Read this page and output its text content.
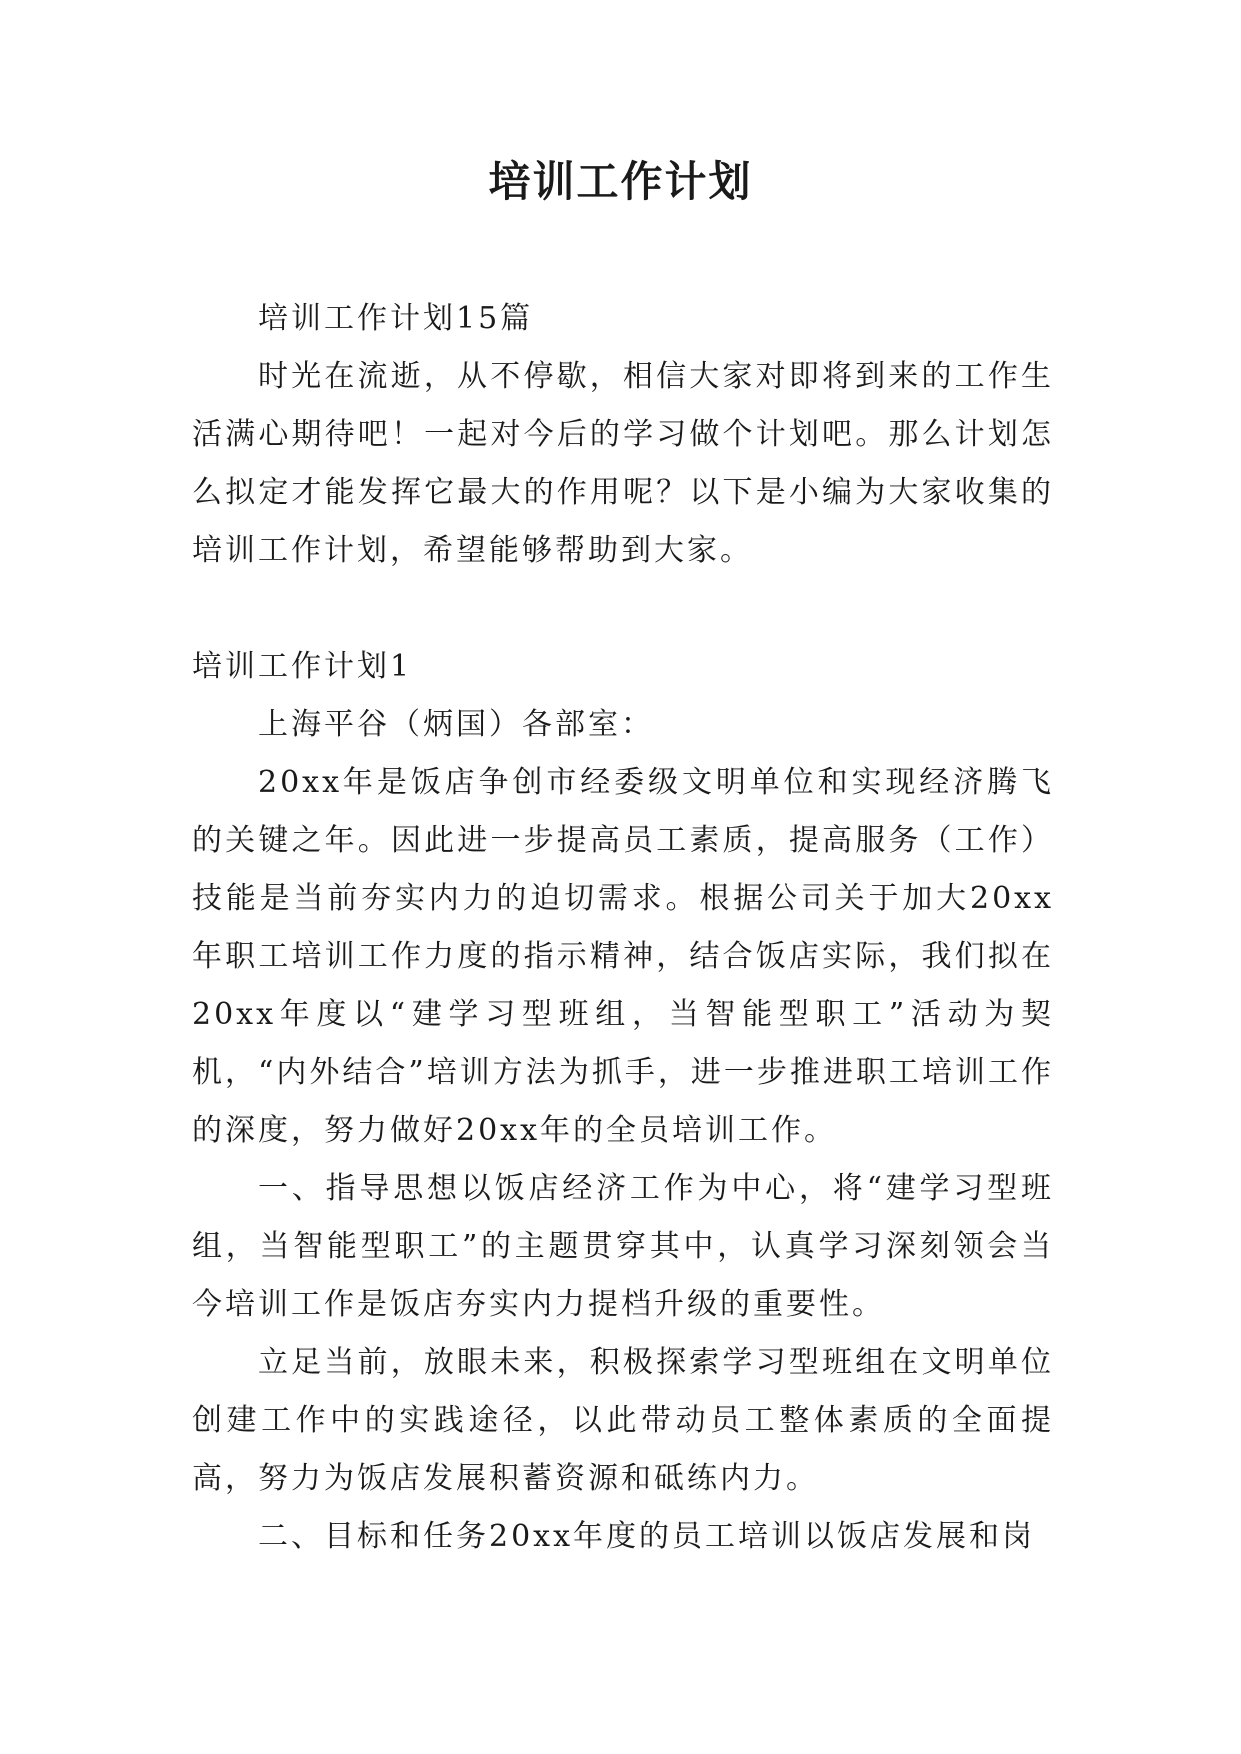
培训工作计划

培训工作计划15篇

时光在流逝，从不停歇，相信大家对即将到来的工作生活满心期待吧！一起对今后的学习做个计划吧。那么计划怎么拟定才能发挥它最大的作用呢？以下是小编为大家收集的培训工作计划，希望能够帮助到大家。

培训工作计划1

上海平谷（炳国）各部室：

20xx年是饭店争创市经委级文明单位和实现经济腾飞的关键之年。因此进一步提高员工素质，提高服务（工作）技能是当前夯实内力的迫切需求。根据公司关于加大20xx年职工培训工作力度的指示精神，结合饭店实际，我们拟在20xx年度以“建学习型班组，当智能型职工”活动为契机，“内外结合”培训方法为抓手，进一步推进职工培训工作的深度，努力做好20xx年的全员培训工作。

一、指导思想以饭店经济工作为中心，将“建学习型班组，当智能型职工”的主题贯穿其中，认真学习深刻领会当今培训工作是饭店夯实内力提档升级的重要性。

立足当前，放眼未来，积极探索学习型班组在文明单位创建工作中的实践途径，以此带动员工整体素质的全面提高，努力为饭店发展积蓄资源和砥练内力。

二、目标和任务20xx年度的员工培训以饭店发展和岗
